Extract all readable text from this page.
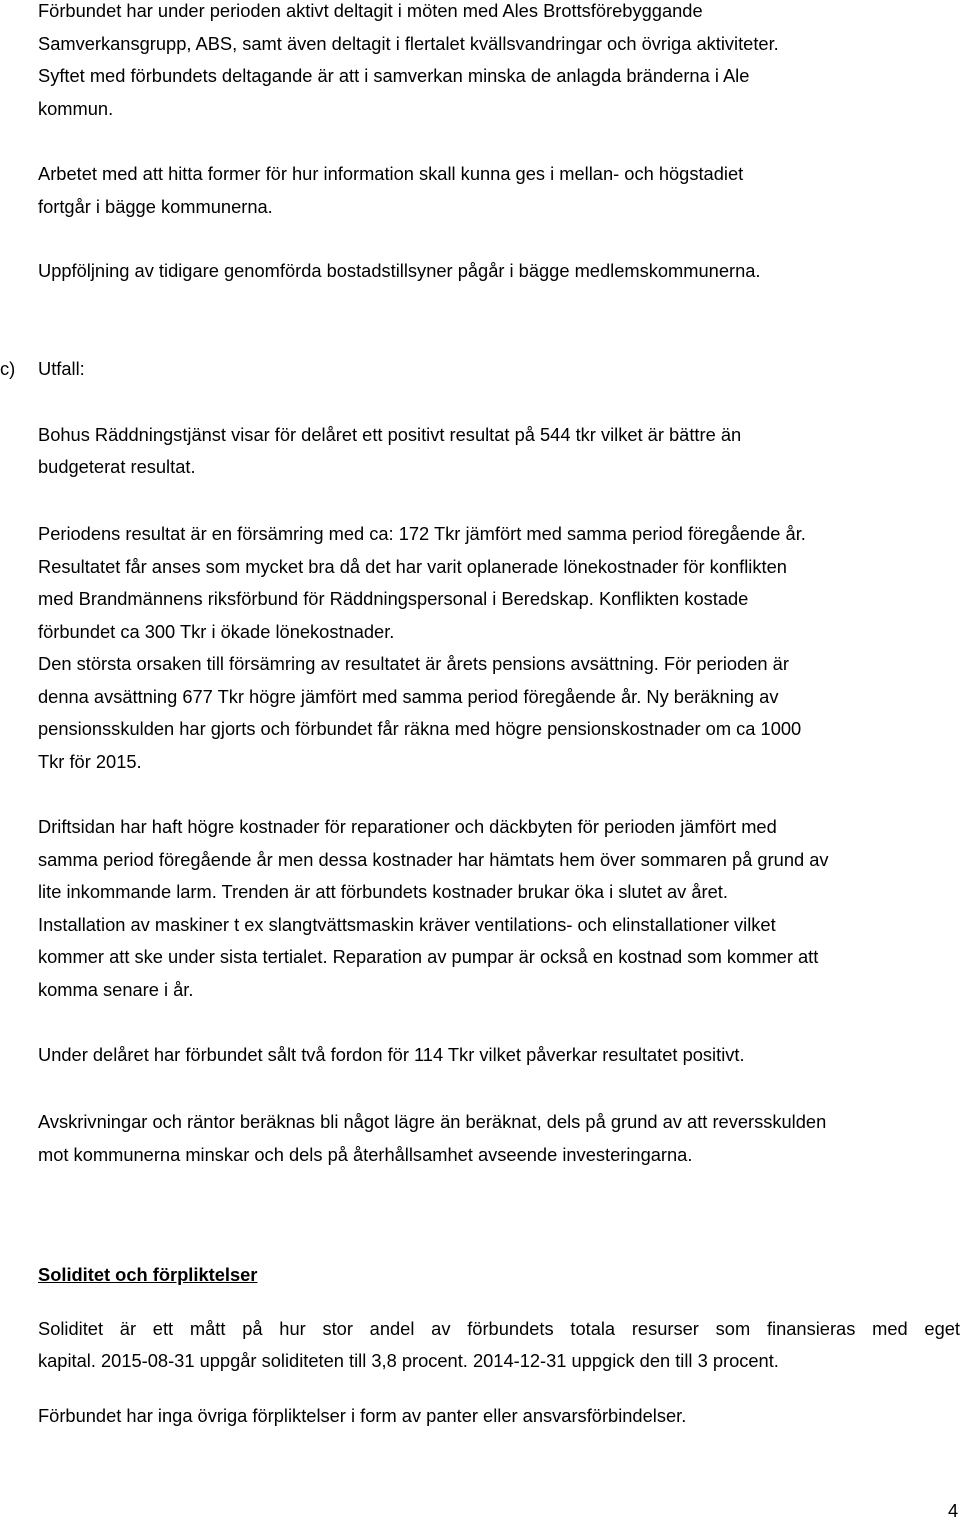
Förbundet har under perioden aktivt deltagit i möten med Ales Brottsförebyggande
Samverkansgrupp, ABS, samt även deltagit i flertalet kvällsvandringar och övriga aktiviteter.
Syftet med förbundets deltagande är att i samverkan minska de anlagda bränderna i Ale
kommun.
Arbetet med att hitta former för hur information skall kunna ges i mellan- och högstadiet
fortgår i bägge kommunerna.
Uppföljning av tidigare genomförda bostadstillsyner pågår i bägge medlemskommunerna.
c) Utfall:
Bohus Räddningstjänst visar för delåret ett positivt resultat på 544 tkr vilket är bättre än
budgeterat resultat.
Periodens resultat är en försämring med ca: 172 Tkr jämfört med samma period föregående år.
Resultatet får anses som mycket bra då det har varit oplanerade lönekostnader för konflikten
med Brandmännens riksförbund för Räddningspersonal i Beredskap. Konflikten kostade
förbundet ca 300 Tkr i ökade lönekostnader.
Den största orsaken till försämring av resultatet är årets pensions avsättning. För perioden är
denna avsättning 677 Tkr högre jämfört med samma period föregående år. Ny beräkning av
pensionsskulden har gjorts och förbundet får räkna med högre pensionskostnader om ca 1000
Tkr för 2015.
Driftsidan har haft högre kostnader för reparationer och däckbyten för perioden jämfört med
samma period föregående år men dessa kostnader har hämtats hem över sommaren på grund av
lite inkommande larm. Trenden är att förbundets kostnader brukar öka i slutet av året.
Installation av maskiner t ex slangtvättsmaskin kräver ventilations- och elinstallationer vilket
kommer att ske under sista tertialet. Reparation av pumpar är också en kostnad som kommer att
komma senare i år.
Under delåret har förbundet sålt två fordon för 114 Tkr vilket påverkar resultatet positivt.
Avskrivningar och räntor beräknas bli något lägre än beräknat, dels på grund av att reversskulden
mot kommunerna minskar och dels på återhållsamhet avseende investeringarna.
Soliditet och förpliktelser
Soliditet är ett mått på hur stor andel av förbundets totala resurser som finansieras med eget
kapital. 2015-08-31 uppgår soliditeten till 3,8 procent. 2014-12-31 uppgick den till 3 procent.
Förbundet har inga övriga förpliktelser i form av panter eller ansvarsförbindelser.
4
